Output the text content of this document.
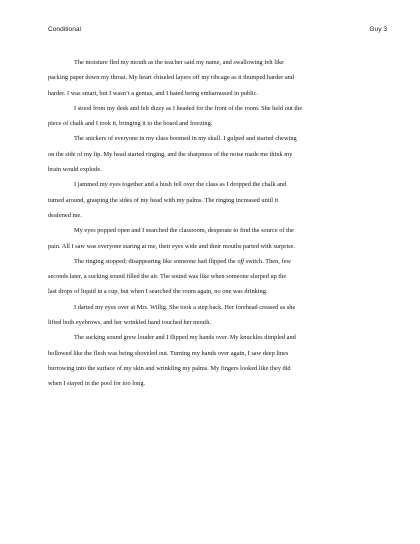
Conditional	Guy 3

The moisture fled my mouth as the teacher said my name, and swallowing felt like
packing paper down my throat. My heart chiseled layers off my ribcage as it thumped harder and
harder. I was smart, but I wasn’t a genius, and I hated being embarrassed in public.

I stood from my desk and felt dizzy as I headed for the front of the room. She held out the
piece of chalk and I took it, bringing it to the board and freezing.

The snickers of everyone in my class boomed in my skull. I gulped and started chewing
on the side of my lip. My head started ringing, and the sharpness of the noise made me think my
brain would explode.

I jammed my eyes together and a hush fell over the class as I dropped the chalk and
turned around, grasping the sides of my head with my palms. The ringing increased until it
deafened me.

My eyes popped open and I searched the classroom, desperate to find the source of the
pain. All I saw was everyone staring at me, their eyes wide and their mouths parted with surprise.

The ringing stopped; disappearing like someone had flipped the off switch. Then, few
seconds later, a sucking sound filled the air. The sound was like when someone slurped up the
last drops of liquid in a cup, but when I searched the room again, no one was drinking.

I darted my eyes over at Mrs. Willig. She took a step back. Her forehead creased as she
lifted both eyebrows, and her wrinkled hand touched her mouth.

The sucking sound grew louder and I flipped my hands over. My knuckles dimpled and
hollowed like the flesh was being shoveled out. Turning my hands over again, I saw deep lines
burrowing into the surface of my skin and wrinkling my palms. My fingers looked like they did
when I stayed in the pool for too long.
